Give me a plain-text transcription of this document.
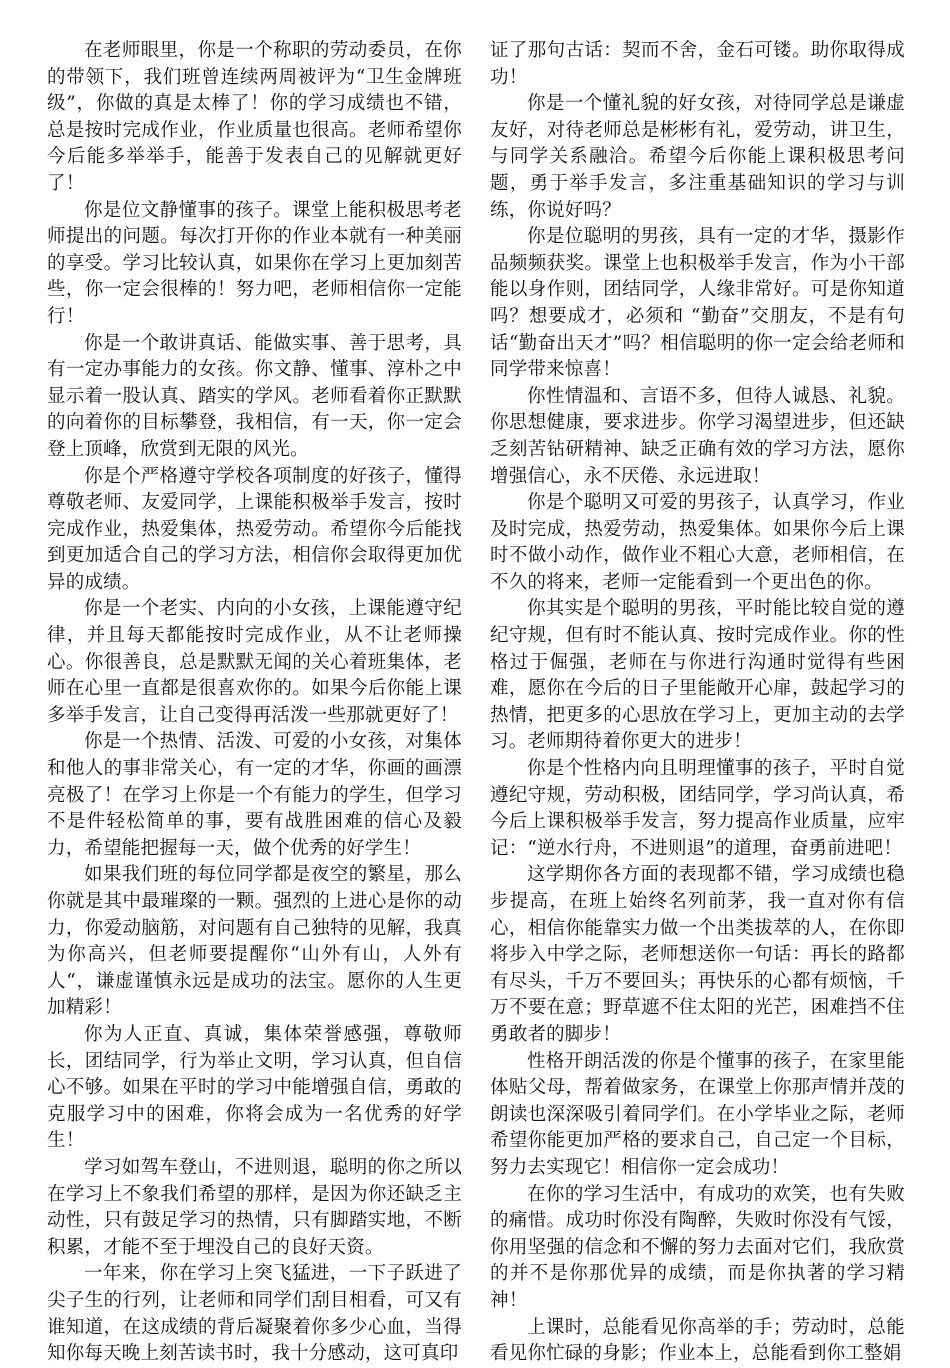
在老师眼里，你是一个称职的劳动委员，在你的带领下，我们班曾连续两周被评为“卫生金牌班级”，你做的真是太棒了！你的学习成绩也不错，总是按时完成作业，作业质量也很高。老师希望你今后能多举举手，能善于发表自己的见解就更好了！

你是位文静懂事的孩子。课堂上能积极思考老师提出的问题。每次打开你的作业本就有一种美丽的享受。学习比较认真，如果你在学习上更加刻苦些，你一定会很棒的！努力吧，老师相信你一定能行！

你是一个敢讲真话、能做实事、善于思考，具有一定办事能力的女孩。你文静、懂事、淳朴之中显示着一股认真、踏实的学风。老师看着你正默默的向着你的目标攀登，我相信，有一天，你一定会登上顶峰，欣赏到无限的风光。

你是个严格遵守学校各项制度的好孩子，懂得尊敬老师、友爱同学，上课能积极举手发言，按时完成作业，热爱集体，热爱劳动。希望你今后能找到更加适合自己的学习方法，相信你会取得更加优异的成绩。

你是一个老实、内向的小女孩，上课能遵守纪律，并且每天都能按时完成作业，从不让老师操心。你很善良，总是默默无闻的关心着班集体，老师在心里一直都是很喜欢你的。如果今后你能上课多举手发言，让自己变得再活泼一些那就更好了！

你是一个热情、活泼、可爱的小女孩，对集体和他人的事非常关心，有一定的才华，你画的画漂亮极了！在学习上你是一个有能力的学生，但学习不是件轻松简单的事，要有战胜困难的信心及毅力，希望能把握每一天，做个优秀的好学生！

如果我们班的每位同学都是夜空的繁星，那么你就是其中最璀璨的一颗。强烈的上进心是你的动力，你爱动脑筋，对问题有自己独特的见解，我真为你高兴，但老师要提醒你“山外有山，人外有人“，谦虚谨慎永远是成功的法宝。愿你的人生更加精彩！

你为人正直、真诚，集体荣誉感强，尊敬师长，团结同学，行为举止文明，学习认真，但自信心不够。如果在平时的学习中能增强自信，勇敢的克服学习中的困难，你将会成为一名优秀的好学生！

学习如驾车登山，不进则退，聪明的你之所以在学习上不象我们希望的那样，是因为你还缺乏主动性，只有鼓足学习的热情，只有脚踏实地，不断积累，才能不至于埋没自己的良好天资。

一年来，你在学习上突飞猛进，一下子跃进了尖子生的行列，让老师和同学们刮目相看，可又有谁知道，在这成绩的背后凝聚着你多少心血，当得知你每天晚上刻苦读书时，我十分感动，这可真印

证了那句古话：契而不舍，金石可镂。助你取得成功！

你是一个懂礼貌的好女孩，对待同学总是谦虚友好，对待老师总是彬彬有礼，爱劳动，讲卫生，与同学关系融洽。希望今后你能上课积极思考问题，勇于举手发言，多注重基础知识的学习与训练，你说好吗？

你是位聪明的男孩，具有一定的才华，摄影作品频频获奖。课堂上也积极举手发言，作为小干部能以身作则，团结同学，人缘非常好。可是你知道吗？想要成才，必须和 “勤奋”交朋友，不是有句话“勤奋出天才”吗？相信聪明的你一定会给老师和同学带来惊喜！

你性情温和、言语不多，但待人诚恳、礼貌。你思想健康，要求进步。你学习渴望进步，但还缺乏刻苦钻研精神、缺乏正确有效的学习方法，愿你增强信心，永不厌倦、永远进取！

你是个聪明又可爱的男孩子，认真学习，作业及时完成，热爱劳动，热爱集体。如果你今后上课时不做小动作，做作业不粗心大意，老师相信，在不久的将来，老师一定能看到一个更出色的你。

你其实是个聪明的男孩，平时能比较自觉的遵纪守规，但有时不能认真、按时完成作业。你的性格过于倔强，老师在与你进行沟通时觉得有些困难，愿你在今后的日子里能敞开心扉，鼓起学习的热情，把更多的心思放在学习上，更加主动的去学习。老师期待着你更大的进步！

你是个性格内向且明理懂事的孩子，平时自觉遵纪守规，劳动积极，团结同学，学习尚认真，希今后上课积极举手发言，努力提高作业质量，应牢记：“逆水行舟，不进则退”的道理，奋勇前进吧！

这学期你各方面的表现都不错，学习成绩也稳步提高，在班上始终名列前茅，我一直对你有信心，相信你能靠实力做一个出类拔萃的人，在你即将步入中学之际，老师想送你一句话：再长的路都有尽头，千万不要回头；再快乐的心都有烦恼，千万不要在意；野草遮不住太阳的光芒，困难挡不住勇敢者的脚步！

性格开朗活泼的你是个懂事的孩子，在家里能体贴父母，帮着做家务，在课堂上你那声情并茂的朗读也深深吸引着同学们。在小学毕业之际，老师希望你能更加严格的要求自己，自己定一个目标，努力去实现它！相信你一定会成功！

在你的学习生活中，有成功的欢笑，也有失败的痛惜。成功时你没有陶醉，失败时你没有气馁，你用坚强的信念和不懈的努力去面对它们，我欣赏的并不是你那优异的成绩，而是你执著的学习精神！

上课时，总能看见你高举的手；劳动时，总能看见你忙碌的身影；作业本上，总能看到你工整娟
